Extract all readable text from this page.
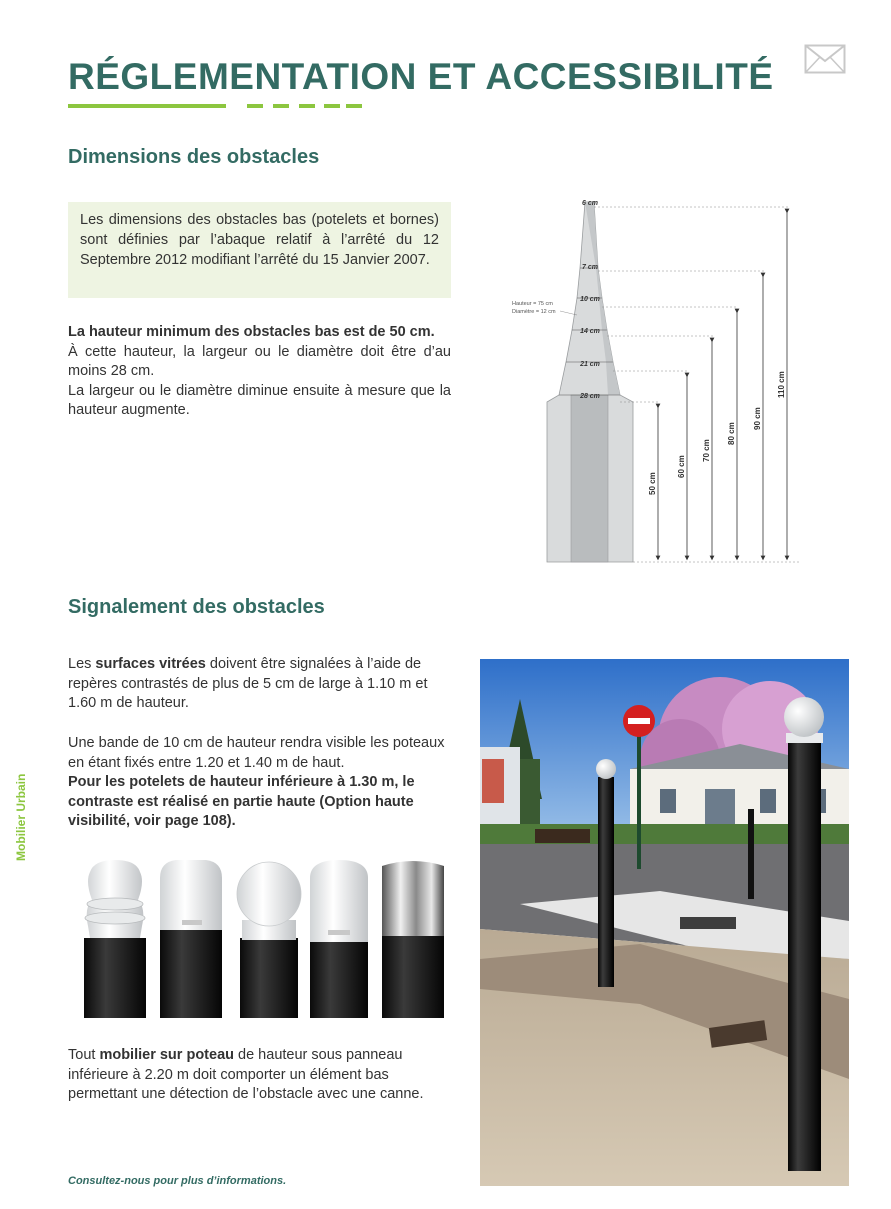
RÉGLEMENTATION ET ACCESSIBILITÉ
Mobilier Urbain
Dimensions des obstacles
Les dimensions des obstacles bas (potelets et bornes) sont définies par l’abaque relatif à l’arrêté du 12 Septembre 2012 modifiant l’arrêté du 15 Janvier 2007.

La hauteur minimum des obstacles bas est de 50 cm.

À cette hauteur, la largeur ou le diamètre doit être d’au moins 28 cm.

La largeur ou le diamètre diminue ensuite à mesure que la hauteur augmente.

6 cm
7 cm
10 cm
14 cm
21 cm
28 cm
Hauteur = 75 cm
Diamètre = 12 cm
50 cm
60 cm
70 cm
80 cm
90 cm
110 cm
Signalement des obstacles

Les surfaces vitrées doivent être signalées à l’aide de repères contrastés de plus de 5 cm de large à 1.10 m et 1.60 m de hauteur.

Une bande de 10 cm de hauteur rendra visible les poteaux en étant fixés entre 1.20 et 1.40 m de haut.

Pour les potelets de hauteur inférieure à 1.30 m, le contraste est réalisé en partie haute (Option haute visibilité, voir page 108).

Tout mobilier sur poteau de hauteur sous panneau inférieure à 2.20 m doit comporter un élément bas permettant une détection de l’obstacle avec une canne.

Consultez-nous pour plus d’informations.
